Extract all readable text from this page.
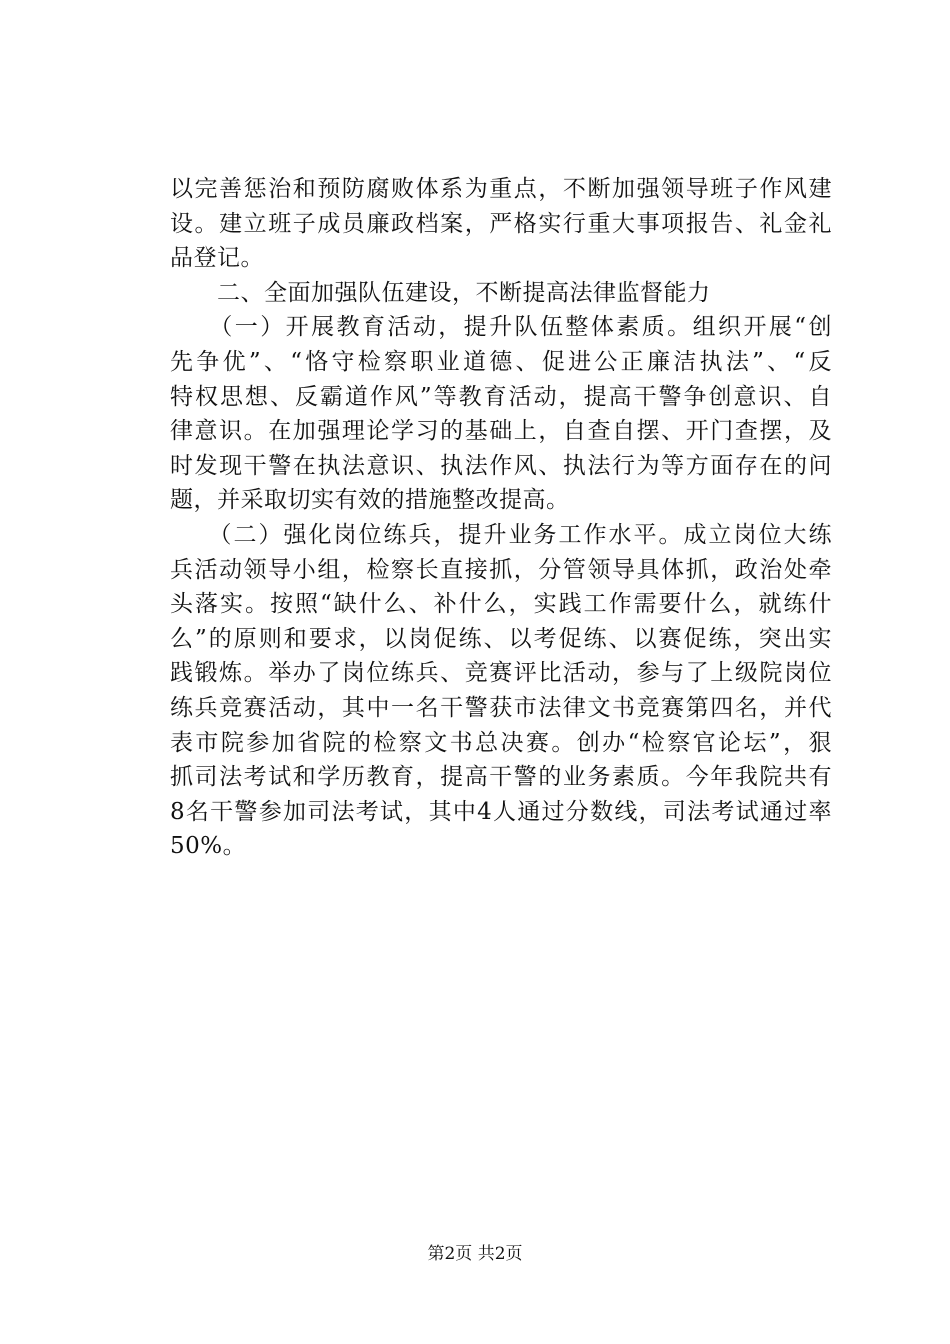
以完善惩治和预防腐败体系为重点，不断加强领导班子作风建
设。建立班子成员廉政档案，严格实行重大事项报告、礼金礼
品登记。
　　二、全面加强队伍建设，不断提高法律监督能力
　　（一）开展教育活动，提升队伍整体素质。组织开展“创
先争优”、“恪守检察职业道德、促进公正廉洁执法”、“反
特权思想、反霸道作风”等教育活动，提高干警争创意识、自
律意识。在加强理论学习的基础上，自查自摆、开门查摆，及
时发现干警在执法意识、执法作风、执法行为等方面存在的问
题，并采取切实有效的措施整改提高。
　　（二）强化岗位练兵，提升业务工作水平。成立岗位大练
兵活动领导小组，检察长直接抓，分管领导具体抓，政治处牵
头落实。按照“缺什么、补什么，实践工作需要什么，就练什
么”的原则和要求，以岗促练、以考促练、以赛促练，突出实
践锻炼。举办了岗位练兵、竞赛评比活动，参与了上级院岗位
练兵竞赛活动，其中一名干警获市法律文书竞赛第四名，并代
表市院参加省院的检察文书总决赛。创办“检察官论坛”，狠
抓司法考试和学历教育，提高干警的业务素质。今年我院共有
8名干警参加司法考试，其中4人通过分数线，司法考试通过率
50%。
第2页 共2页
